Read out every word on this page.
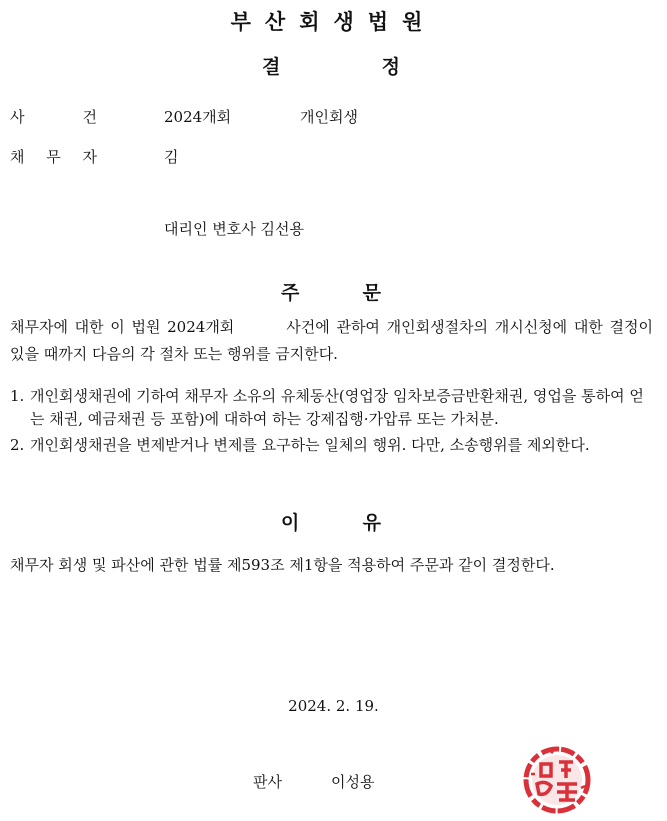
부산회생법원
결	정
사	건	2024개회	개인회생
채 무 자	김
대리인 변호사 김선용
주	문
채무자에 대한 이 법원 2024개회	사건에 관하여 개인회생절차의 개시신청에 대한 결정이 있을 때까지 다음의 각 절차 또는 행위를 금지한다.
1. 개인회생채권에 기하여 채무자 소유의 유체동산(영업장 임차보증금반환채권, 영업을 통하여 얻는 채권, 예금채권 등 포함)에 대하여 하는 강제집행·가압류 또는 가처분.
2. 개인회생채권을 변제받거나 변제를 요구하는 일체의 행위. 다만, 소송행위를 제외한다.
이	유
채무자 회생 및 파산에 관한 법률 제593조 제1항을 적용하여 주문과 같이 결정한다.
2024. 2. 19.
판사	이성용
